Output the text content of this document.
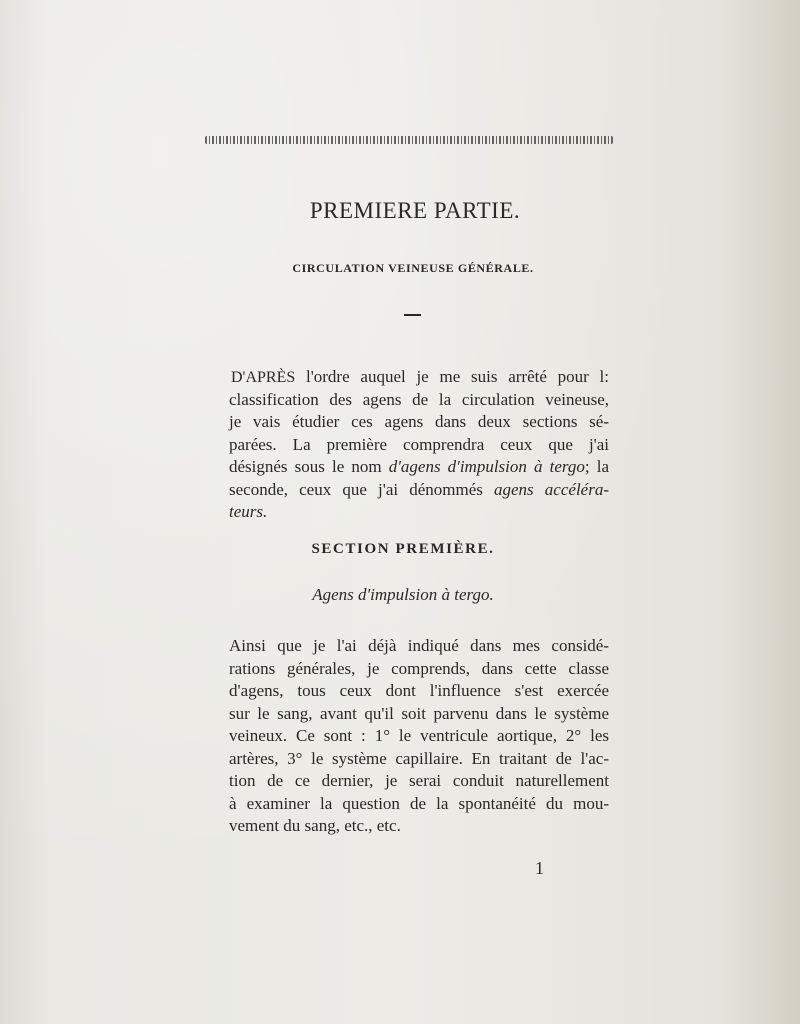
PREMIERE PARTIE.
CIRCULATION VEINEUSE GÉNÉRALE.
D'APRÈS l'ordre auquel je me suis arrêté pour l:
classification des agens de la circulation veineuse,
je vais étudier ces agens dans deux sections sé-
parées. La première comprendra ceux que j'ai
désignés sous le nom d'agens d'impulsion à tergo; la
seconde, ceux que j'ai dénommés agens accéléra-
teurs.
SECTION PREMIÈRE.
Agens d'impulsion à tergo.
Ainsi que je l'ai déjà indiqué dans mes considé-
rations générales, je comprends, dans cette classe
d'agens, tous ceux dont l'influence s'est exercée
sur le sang, avant qu'il soit parvenu dans le système
veineux. Ce sont : 1° le ventricule aortique, 2° les
artères, 3° le système capillaire. En traitant de l'ac-
tion de ce dernier, je serai conduit naturellement
à examiner la question de la spontanéité du mou-
vement du sang, etc., etc.
1
